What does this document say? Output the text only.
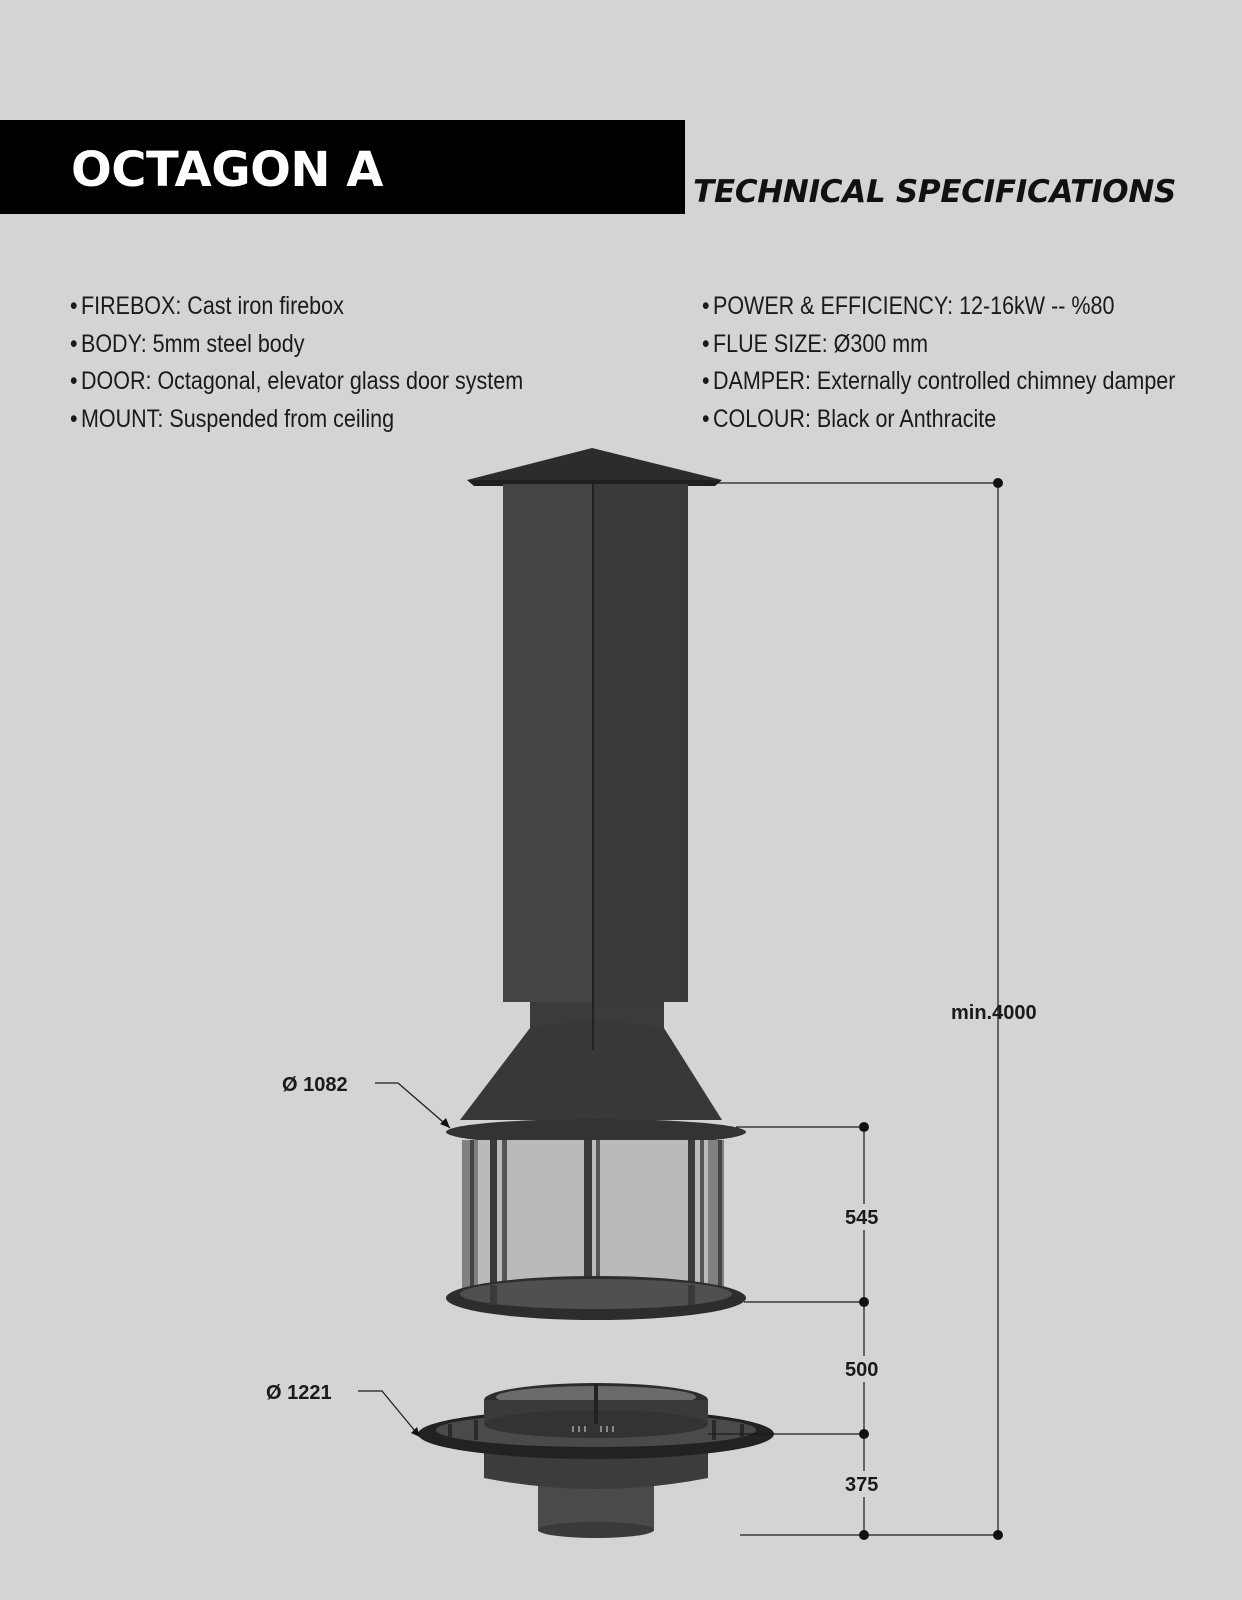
OCTAGON A	TECHNICAL SPECIFICATIONS
• FIREBOX: Cast iron firebox
• BODY: 5mm steel body
• DOOR: Octagonal, elevator glass door system
• MOUNT: Suspended from ceiling
• POWER & EFFICIENCY: 12-16kW -- %80
• FLUE SIZE: Ø300 mm
• DAMPER: Externally controlled chimney damper
• COLOUR: Black or Anthracite
Ø 1082
Ø 1221
min.4000
545
500
375
